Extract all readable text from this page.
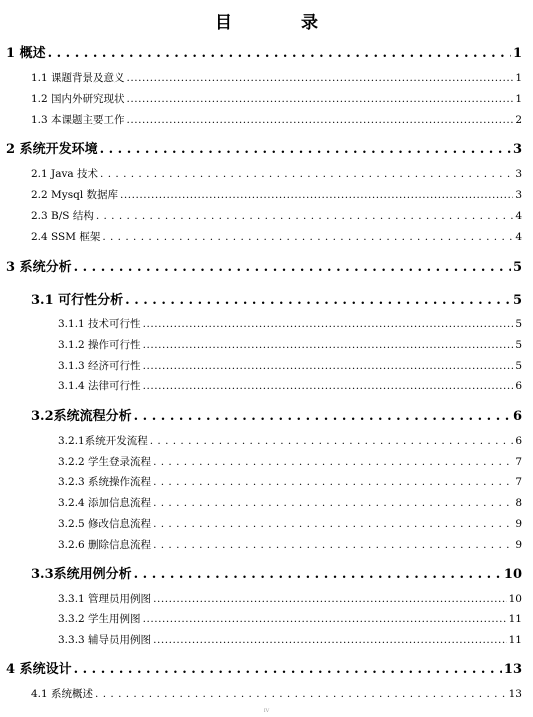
目　录
1 概述 . . .	1
1.1 课题背景及意义 . . .	1
1.2 国内外研究现状 . . .	1
1.3 本课题主要工作 . . .	2
2 系统开发环境 . . .	3
2.1 Java 技术 . . .	3
2.2 Mysql 数据库 . . .	3
2.3 B/S 结构 . . .	4
2.4 SSM 框架 . . .	4
3 系统分析 . . .	5
3.1 可行性分析 . . .	5
3.1.1 技术可行性 . . .	5
3.1.2 操作可行性 . . .	5
3.1.3 经济可行性 . . .	5
3.1.4 法律可行性 . . .	6
3.2系统流程分析 . . .	6
3.2.1系统开发流程 . . .	6
3.2.2 学生登录流程 . . .	7
3.2.3 系统操作流程 . . .	7
3.2.4 添加信息流程 . . .	8
3.2.5 修改信息流程 . . .	9
3.2.6 删除信息流程 . . .	9
3.3系统用例分析 . . .	10
3.3.1 管理员用例图 . . .	10
3.3.2 学生用例图 . . .	11
3.3.3 辅导员用例图 . . .	11
4 系统设计 . . .	13
4.1 系统概述 . . .	13
IV
